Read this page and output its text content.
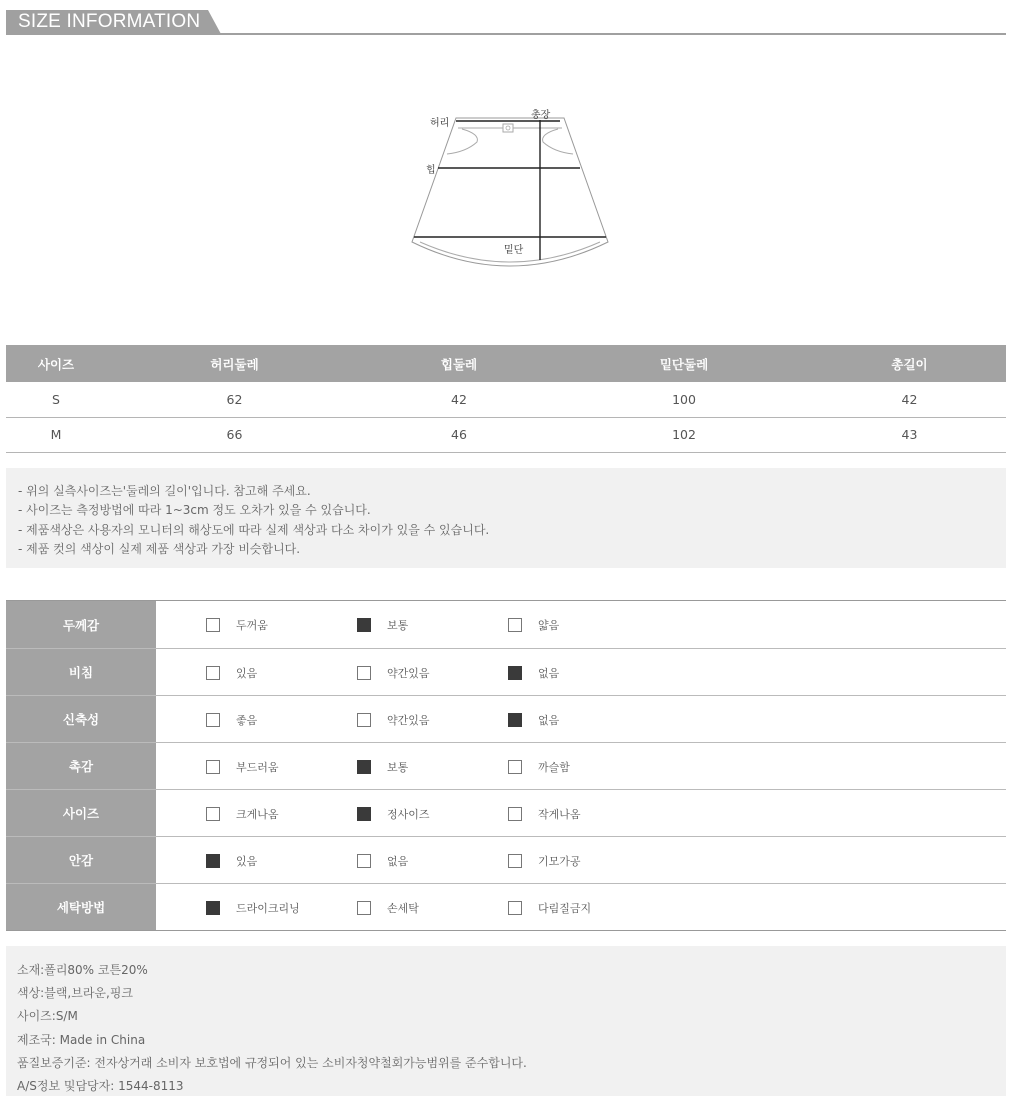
SIZE INFORMATION
허리
총장
힙
밑단
사이즈	허리둘레	힙둘레	밑단둘레	총길이
S	62	42	100	42
M	66	46	102	43
- 위의 실측사이즈는'둘레의 길이'입니다. 참고해 주세요.
- 사이즈는 측정방법에 따라 1~3cm 정도 오차가 있을 수 있습니다.
- 제품색상은 사용자의 모니터의 해상도에 따라 실제 색상과 다소 차이가 있을 수 있습니다.
- 제품 컷의 색상이 실제 제품 색상과 가장 비슷합니다.
두께감	두꺼움	보통	얇음
비침	있음	약간있음	없음
신축성	좋음	약간있음	없음
촉감	부드러움	보통	까슬함
사이즈	크게나옴	정사이즈	작게나옴
안감	있음	없음	기모가공
세탁방법	드라이크리닝	손세탁	다림질금지
소재:폴리80% 코튼20%
색상:블랙,브라운,핑크
사이즈:S/M
제조국: Made in China
품질보증기준: 전자상거래 소비자 보호법에 규정되어 있는 소비자청약철회가능범위를 준수합니다.
A/S정보 및담당자: 1544-8113
